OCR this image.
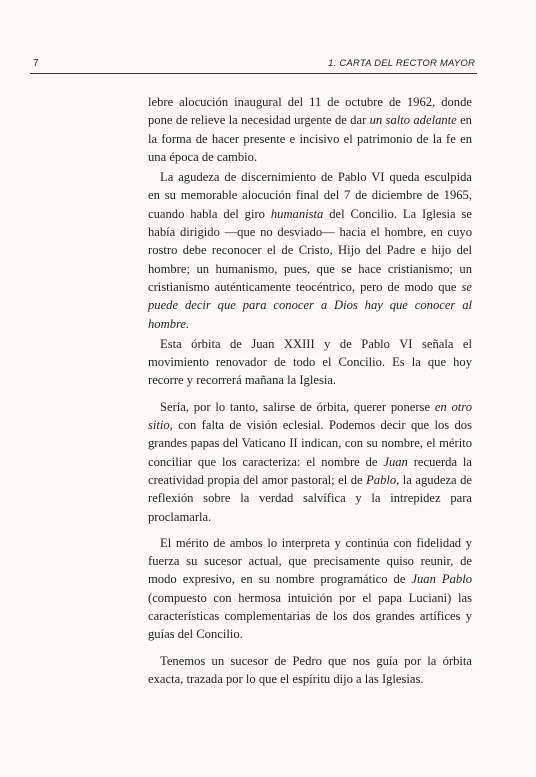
7	1. CARTA DEL RECTOR MAYOR

lebre alocución inaugural del 11 de octubre de 1962, donde pone de relieve la necesidad urgente de dar un salto adelante en la forma de hacer presente e incisivo el patrimonio de la fe en una época de cambio.

La agudeza de discernimiento de Pablo VI queda esculpida en su memorable alocución final del 7 de diciembre de 1965, cuando habla del giro humanista del Concilio. La Iglesia se había dirigido —que no desviado— hacia el hombre, en cuyo rostro debe reconocer el de Cristo, Hijo del Padre e hijo del hombre; un humanismo, pues, que se hace cristianismo; un cristianismo auténticamente teocéntrico, pero de modo que se puede decir que para conocer a Dios hay que conocer al hombre.

Esta órbita de Juan XXIII y de Pablo VI señala el movimiento renovador de todo el Concilio. Es la que hoy recorre y recorrerá mañana la Iglesia.

Sería, por lo tanto, salirse de órbita, querer ponerse en otro sitio, con falta de visión eclesial. Podemos decir que los dos grandes papas del Vaticano II indican, con su nombre, el mérito conciliar que los caracteriza: el nombre de Juan recuerda la creatividad propia del amor pastoral; el de Pablo, la agudeza de reflexión sobre la verdad salvífica y la intrepidez para proclamarla.

El mérito de ambos lo interpreta y continúa con fidelidad y fuerza su sucesor actual, que precisamente quiso reunir, de modo expresivo, en su nombre programático de Juan Pablo (compuesto con hermosa intuición por el papa Luciani) las características complementarias de los dos grandes artífices y guías del Concilio.

Tenemos un sucesor de Pedro que nos guía por la órbita exacta, trazada por lo que el espíritu dijo a las Iglesias.
